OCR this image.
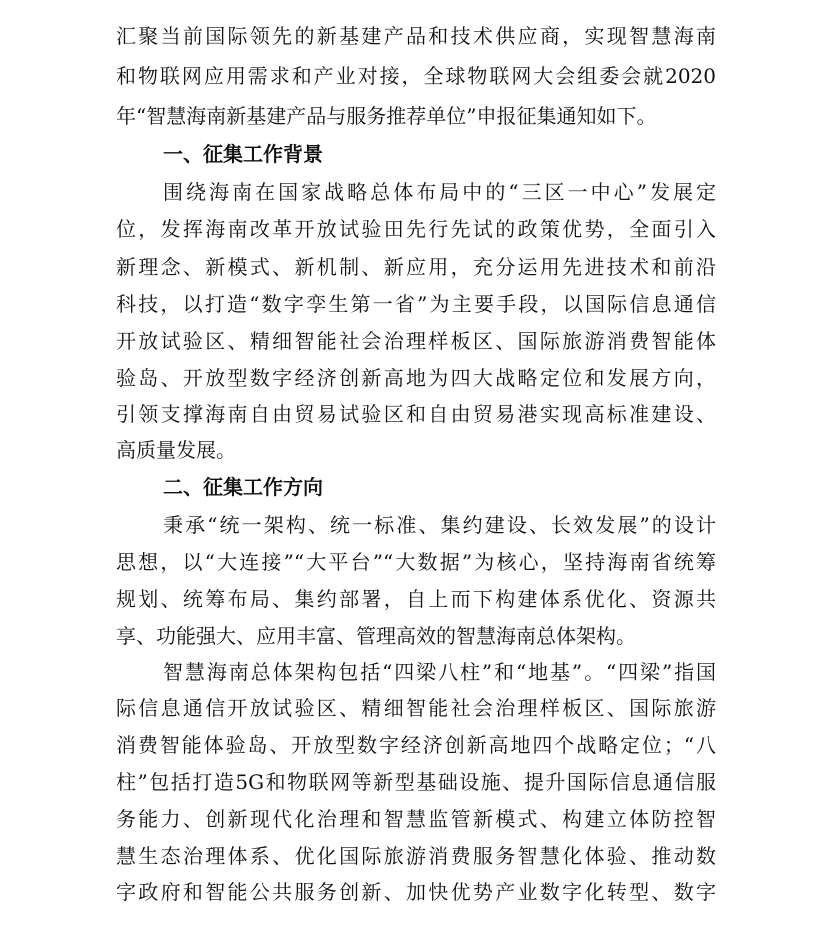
汇聚当前国际领先的新基建产品和技术供应商，实现智慧海南
和物联网应用需求和产业对接，全球物联网大会组委会就2020
年“智慧海南新基建产品与服务推荐单位”申报征集通知如下。
一、征集工作背景
围绕海南在国家战略总体布局中的“三区一中心”发展定
位，发挥海南改革开放试验田先行先试的政策优势，全面引入
新理念、新模式、新机制、新应用，充分运用先进技术和前沿
科技，以打造“数字孪生第一省”为主要手段，以国际信息通信
开放试验区、精细智能社会治理样板区、国际旅游消费智能体
验岛、开放型数字经济创新高地为四大战略定位和发展方向，
引领支撑海南自由贸易试验区和自由贸易港实现高标准建设、
高质量发展。
二、征集工作方向
秉承“统一架构、统一标准、集约建设、长效发展”的设计
思想，以“大连接”“大平台”“大数据”为核心，坚持海南省统筹
规划、统筹布局、集约部署，自上而下构建体系优化、资源共
享、功能强大、应用丰富、管理高效的智慧海南总体架构。
智慧海南总体架构包括“四梁八柱”和“地基”。“四梁”指国
际信息通信开放试验区、精细智能社会治理样板区、国际旅游
消费智能体验岛、开放型数字经济创新高地四个战略定位；“八
柱”包括打造5G和物联网等新型基础设施、提升国际信息通信服
务能力、创新现代化治理和智慧监管新模式、构建立体防控智
慧生态治理体系、优化国际旅游消费服务智慧化体验、推动数
字政府和智能公共服务创新、加快优势产业数字化转型、数字
